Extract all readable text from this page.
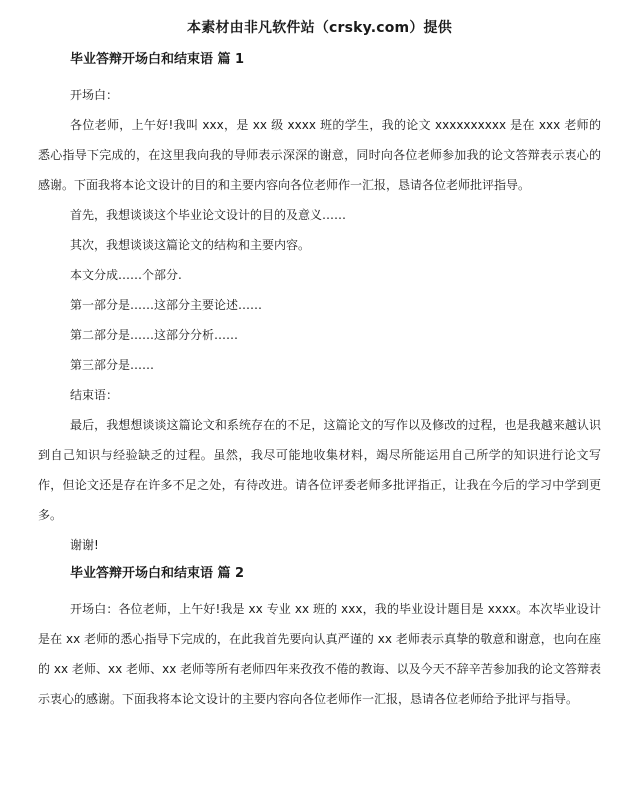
本素材由非凡软件站（crsky.com）提供
毕业答辩开场白和结束语 篇 1

开场白：

各位老师，上午好!我叫 xxx，是 xx 级 xxxx 班的学生，我的论文 xxxxxxxxxx 是在 xxx 老师的悉心指导下完成的，在这里我向我的导师表示深深的谢意，同时向各位老师参加我的论文答辩表示衷心的感谢。下面我将本论文设计的目的和主要内容向各位老师作一汇报，恳请各位老师批评指导。

首先，我想谈谈这个毕业论文设计的目的及意义……

其次，我想谈谈这篇论文的结构和主要内容。

本文分成……个部分.

第一部分是……这部分主要论述……

第二部分是……这部分分析……

第三部分是……

结束语：

最后，我想想谈谈这篇论文和系统存在的不足，这篇论文的写作以及修改的过程，也是我越来越认识到自己知识与经验缺乏的过程。虽然，我尽可能地收集材料，竭尽所能运用自己所学的知识进行论文写作，但论文还是存在许多不足之处，有待改进。请各位评委老师多批评指正，让我在今后的学习中学到更多。

谢谢!

毕业答辩开场白和结束语 篇 2

开场白：各位老师，上午好!我是 xx 专业 xx 班的 xxx，我的毕业设计题目是 xxxx。本次毕业设计是在 xx 老师的悉心指导下完成的，在此我首先要向认真严谨的 xx 老师表示真挚的敬意和谢意，也向在座的 xx 老师、xx 老师、xx 老师等所有老师四年来孜孜不倦的教诲、以及今天不辞辛苦参加我的论文答辩表示衷心的感谢。下面我将本论文设计的主要内容向各位老师作一汇报，恳请各位老师给予批评与指导。
